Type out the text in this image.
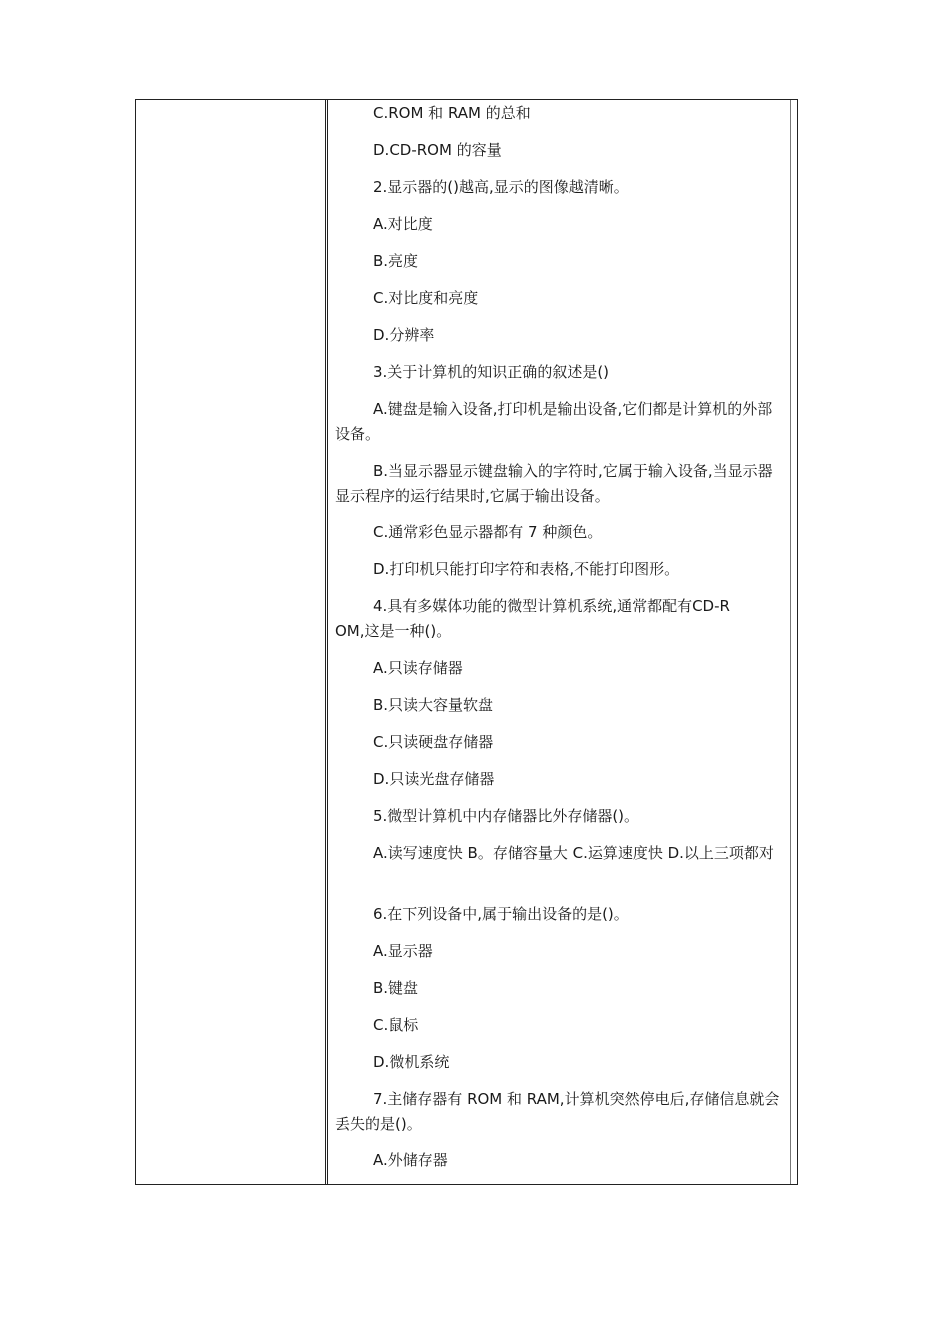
C.ROM 和 RAM 的总和

D.CD-ROM 的容量

2.显示器的()越高,显示的图像越清晰。

A.对比度

B.亮度

C.对比度和亮度

D.分辨率

3.关于计算机的知识正确的叙述是()

A.键盘是输入设备,打印机是输出设备,它们都是计算机的外部设备。

B.当显示器显示键盘输入的字符时,它属于输入设备,当显示器显示程序的运行结果时,它属于输出设备。

C.通常彩色显示器都有 7 种颜色。

D.打印机只能打印字符和表格,不能打印图形。

4.具有多媒体功能的微型计算机系统,通常都配有CD-ROM,这是一种()。

A.只读存储器

B.只读大容量软盘

C.只读硬盘存储器

D.只读光盘存储器

5.微型计算机中内存储器比外存储器()。

A.读写速度快 B。存储容量大 C.运算速度快 D.以上三项都对

6.在下列设备中,属于输出设备的是()。

A.显示器

B.键盘

C.鼠标

D.微机系统

7.主储存器有 ROM 和 RAM,计算机突然停电后,存储信息就会丢失的是()。

A.外储存器
